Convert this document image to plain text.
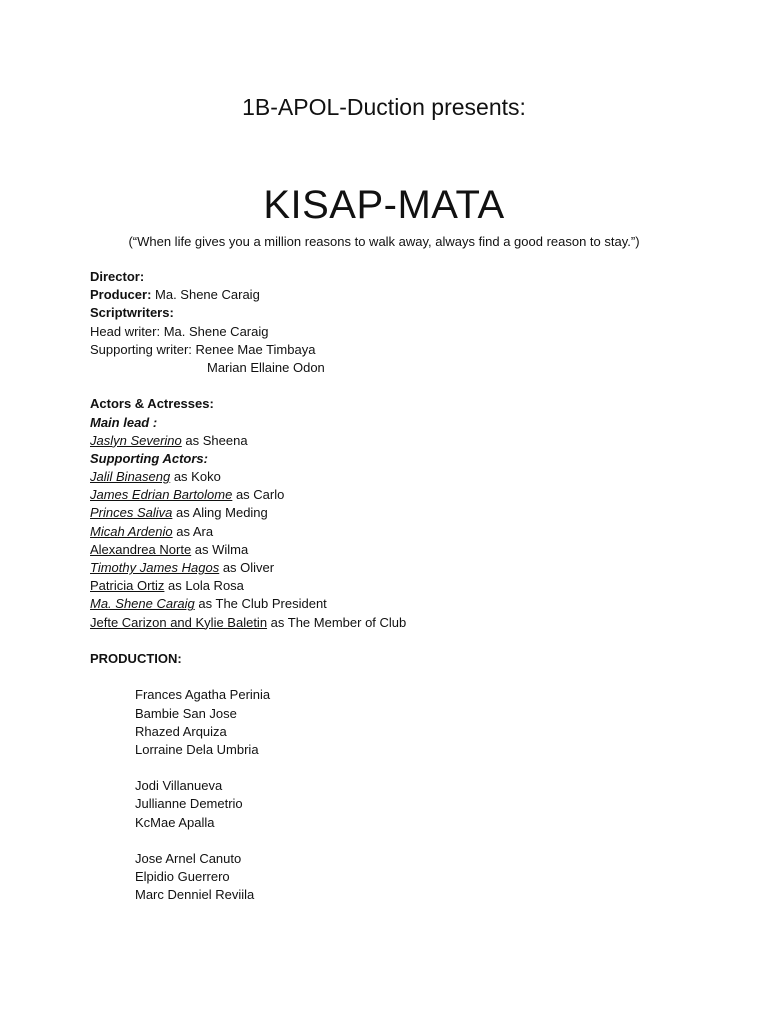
1B-APOL-Duction presents:
KISAP-MATA
(“When life gives you a million reasons to walk away, always find a good reason to stay.”)
Director:
Producer: Ma. Shene Caraig
Scriptwriters:
Head writer: Ma. Shene Caraig
Supporting writer: Renee Mae Timbaya
Marian Ellaine Odon
Actors & Actresses:
Main lead :
Jaslyn Severino as Sheena
Supporting Actors:
Jalil Binaseng as Koko
James Edrian Bartolome as Carlo
Princes Saliva as Aling Meding
Micah Ardenio as Ara
Alexandrea Norte as Wilma
Timothy James Hagos as Oliver
Patricia Ortiz as Lola Rosa
Ma. Shene Caraig as The Club President
Jefte Carizon and Kylie Baletin as The Member of Club
PRODUCTION:
Frances Agatha Perinia
Bambie San Jose
Rhazed Arquiza
Lorraine Dela Umbria
Jodi Villanueva
Jullianne Demetrio
KcMae Apalla
Jose Arnel Canuto
Elpidio Guerrero
Marc Denniel Reviila
